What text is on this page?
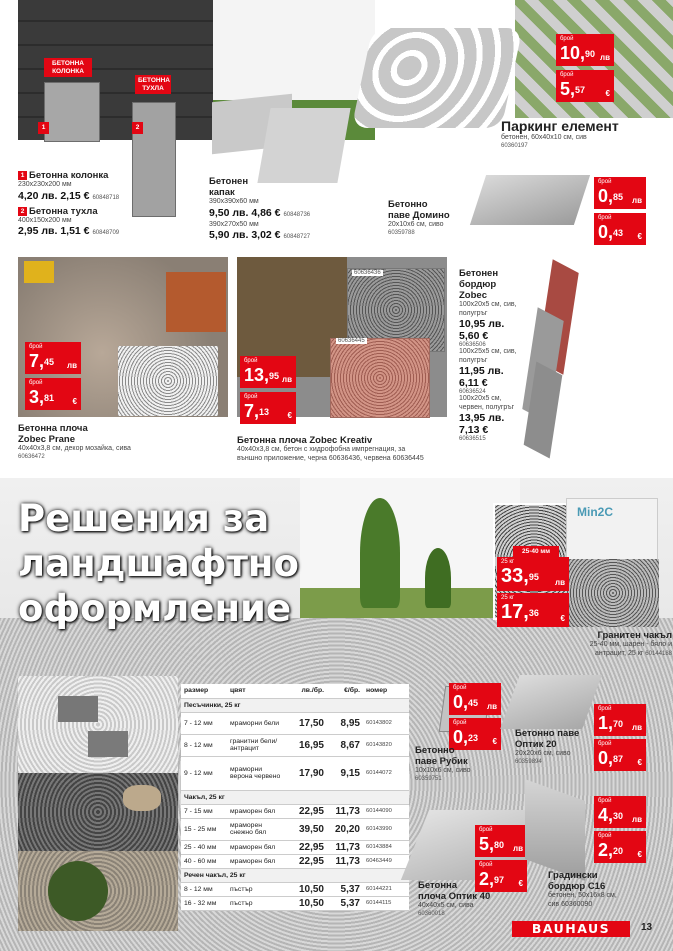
БЕТОННА КОЛОНКА
БЕТОННА ТУХЛА
1	2
1 Бетонна колонка
230x230x200 мм
4,20 лв. 2,15 € 60848718
2 Бетонна тухла
400x150x200 мм
2,95 лв. 1,51 € 60848709
Бетонен
капак
390x390x60 мм
9,50 лв. 4,86 € 60848736
390x270x50 мм
5,90 лв. 3,02 € 60848727
брой
10,90 лв
брой
5,57	€
Паркинг елемент
бетонен, 60x40x10 см, сив
60360197
брой
0,85 лв
брой
0,43 €
Бетонно
паве Домино
20x10x6 см, сиво
60359788
брой
7,45 лв
брой
3,81 €
Бетонна плоча
Zobec Prane
40x40x3,8 см, декор мозайка, сива
60636472
60636436
60636445
брой
13,95 лв
брой
7,13 €
Бетонна плоча Zobec Kreativ
40x40x3,8 см, бетон с хидрофобна импрегнация, за
външно приложение, черна 60636436, червена 60636445
Бетонен
бордюр
Zobec
100x20x5 см, сив,
полугръг
10,95 лв.
5,60 €
60636506
100x25x5 см, сив,
полугръг
11,95 лв.
6,11 €
60636524
100x20x5 см,
червен, полугръг
13,95 лв.
7,13 €
60636515
Решения за
ландшафтно
оформление
Min2C
25-40 мм
25 кг
33,95
лв
25 кг
17,36
€
Гранитен чакъл
25-40 мм, шарен - бяло и
антрацит, 25 кг 60144188
размер	цвят	лв./бр.	€/бр.	номер
Песъчинки, 25 кг				
7 - 12 мм	мраморни бели	17,50	8,95	60143802
8 - 12 мм	гранитни бели/антрацит	16,95	8,67	60143820
9 - 12 мм	мраморни верона червено	17,90	9,15	60144072
Чакъл, 25 кг				
7 - 15 мм	мраморен бял	22,95	11,73	60144090
15 - 25 мм	мраморен снежно бял	39,50	20,20	60143990
25 - 40 мм	мраморен бял	22,95	11,73	60143884
40 - 60 мм	мраморен бял	22,95	11,73	60463449
Речен чакъл, 25 кг				
8 - 12 мм	пъстър	10,50	5,37	60144221
16 - 32 мм	пъстър	10,50	5,37	60144115
брой
0,45 лв
брой
0,23 €
Бетонно
паве Рубик
10x10x6 см, сиво
60359751
брой
1,70 лв
брой
0,87 €
Бетонно паве
Оптик 20
20x20x6 см, сиво
60359894
брой
5,80 лв
брой
2,97 €
Бетонна
плоча Оптик 40
40x40x5 см, сива
60360018
брой
4,30 лв
брой
2,20 €
Градински
бордюр С16
бетонен, 50x16x8 см,
сив 60360090
BAUHAUS	13
